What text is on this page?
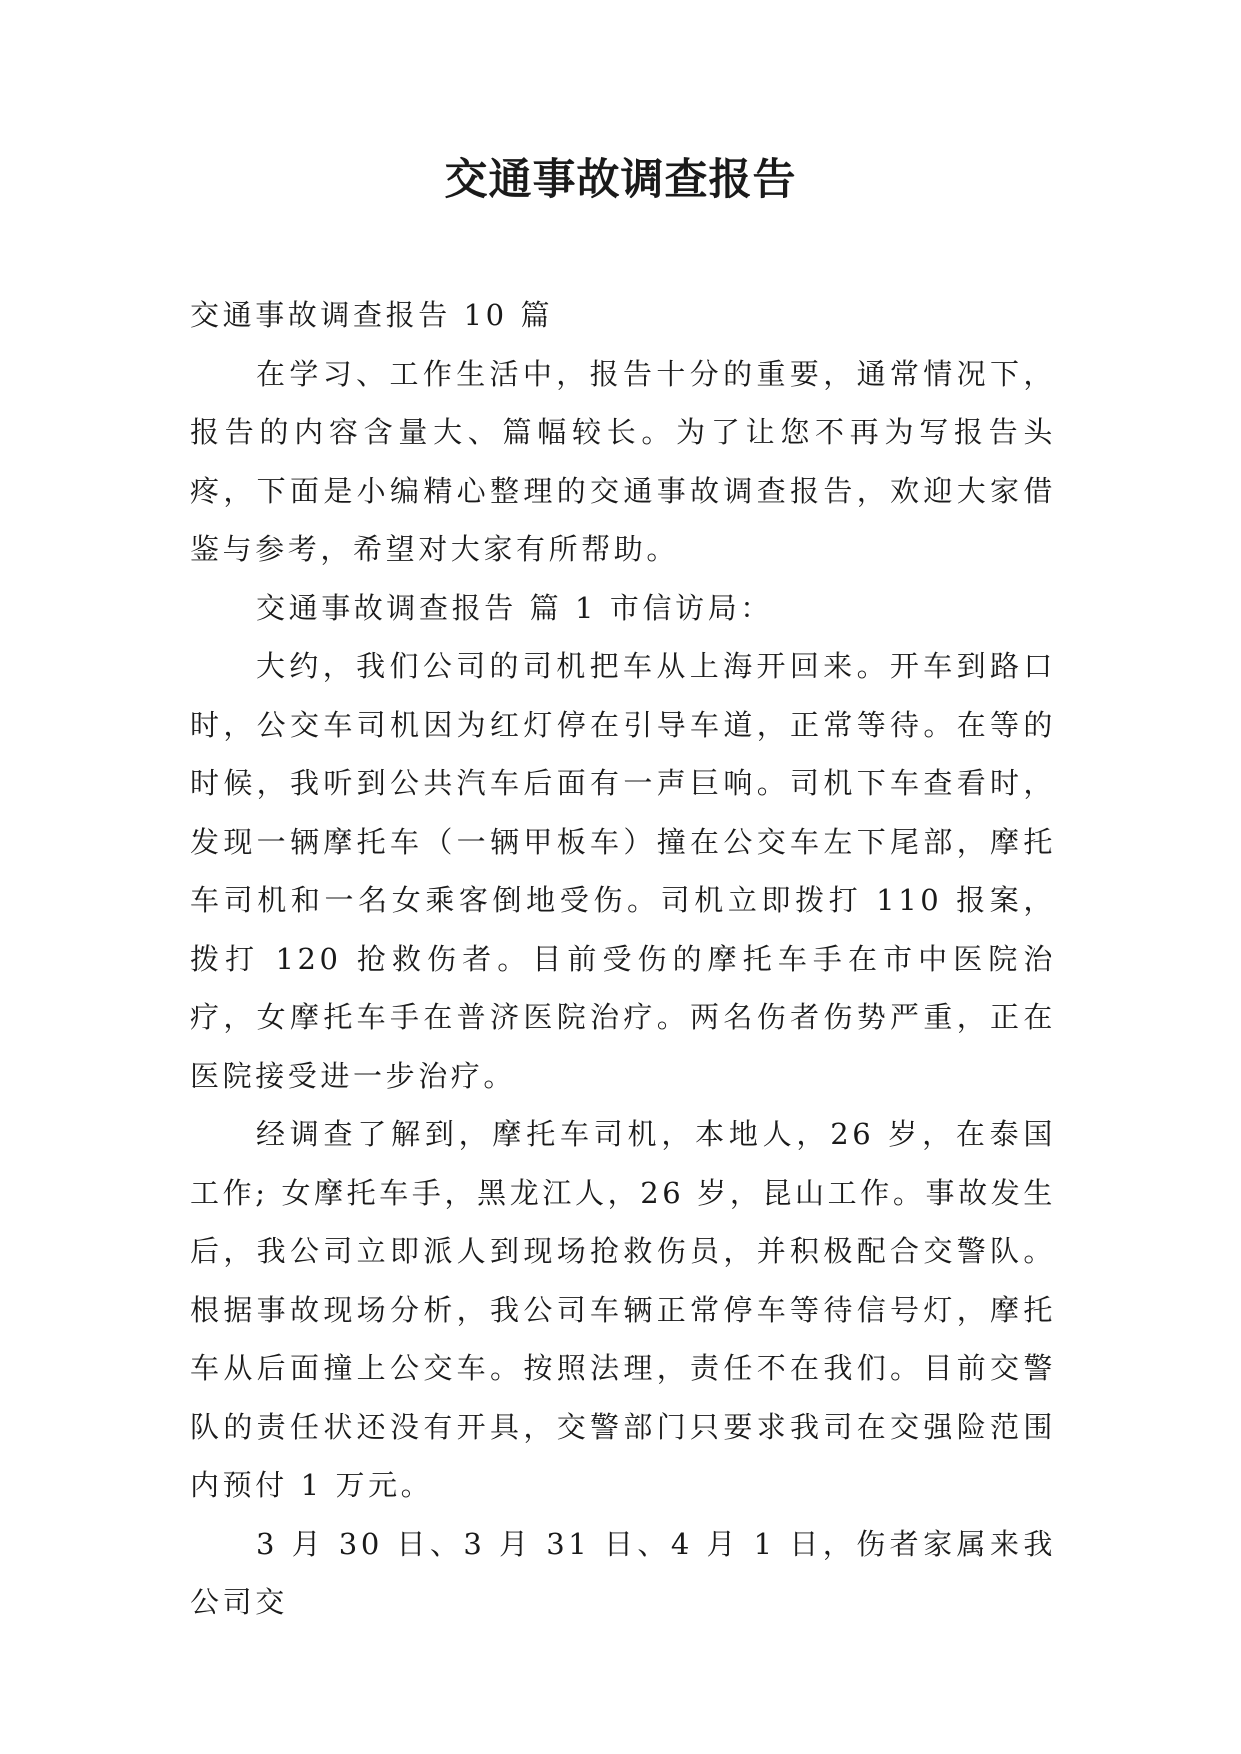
交通事故调查报告

交通事故调查报告 10 篇

在学习、工作生活中，报告十分的重要，通常情况下，报告的内容含量大、篇幅较长。为了让您不再为写报告头疼，下面是小编精心整理的交通事故调查报告，欢迎大家借鉴与参考，希望对大家有所帮助。

交通事故调查报告 篇 1 市信访局：

大约，我们公司的司机把车从上海开回来。开车到路口时，公交车司机因为红灯停在引导车道，正常等待。在等的时候，我听到公共汽车后面有一声巨响。司机下车查看时，发现一辆摩托车（一辆甲板车）撞在公交车左下尾部，摩托车司机和一名女乘客倒地受伤。司机立即拨打 110 报案，拨打 120 抢救伤者。目前受伤的摩托车手在市中医院治疗，女摩托车手在普济医院治疗。两名伤者伤势严重，正在医院接受进一步治疗。

经调查了解到，摩托车司机，本地人，26 岁，在泰国工作; 女摩托车手，黑龙江人，26 岁，昆山工作。事故发生后，我公司立即派人到现场抢救伤员，并积极配合交警队。根据事故现场分析，我公司车辆正常停车等待信号灯，摩托车从后面撞上公交车。按照法理，责任不在我们。目前交警队的责任状还没有开具，交警部门只要求我司在交强险范围内预付 1 万元。

3 月 30 日、3 月 31 日、4 月 1 日，伤者家属来我公司交
